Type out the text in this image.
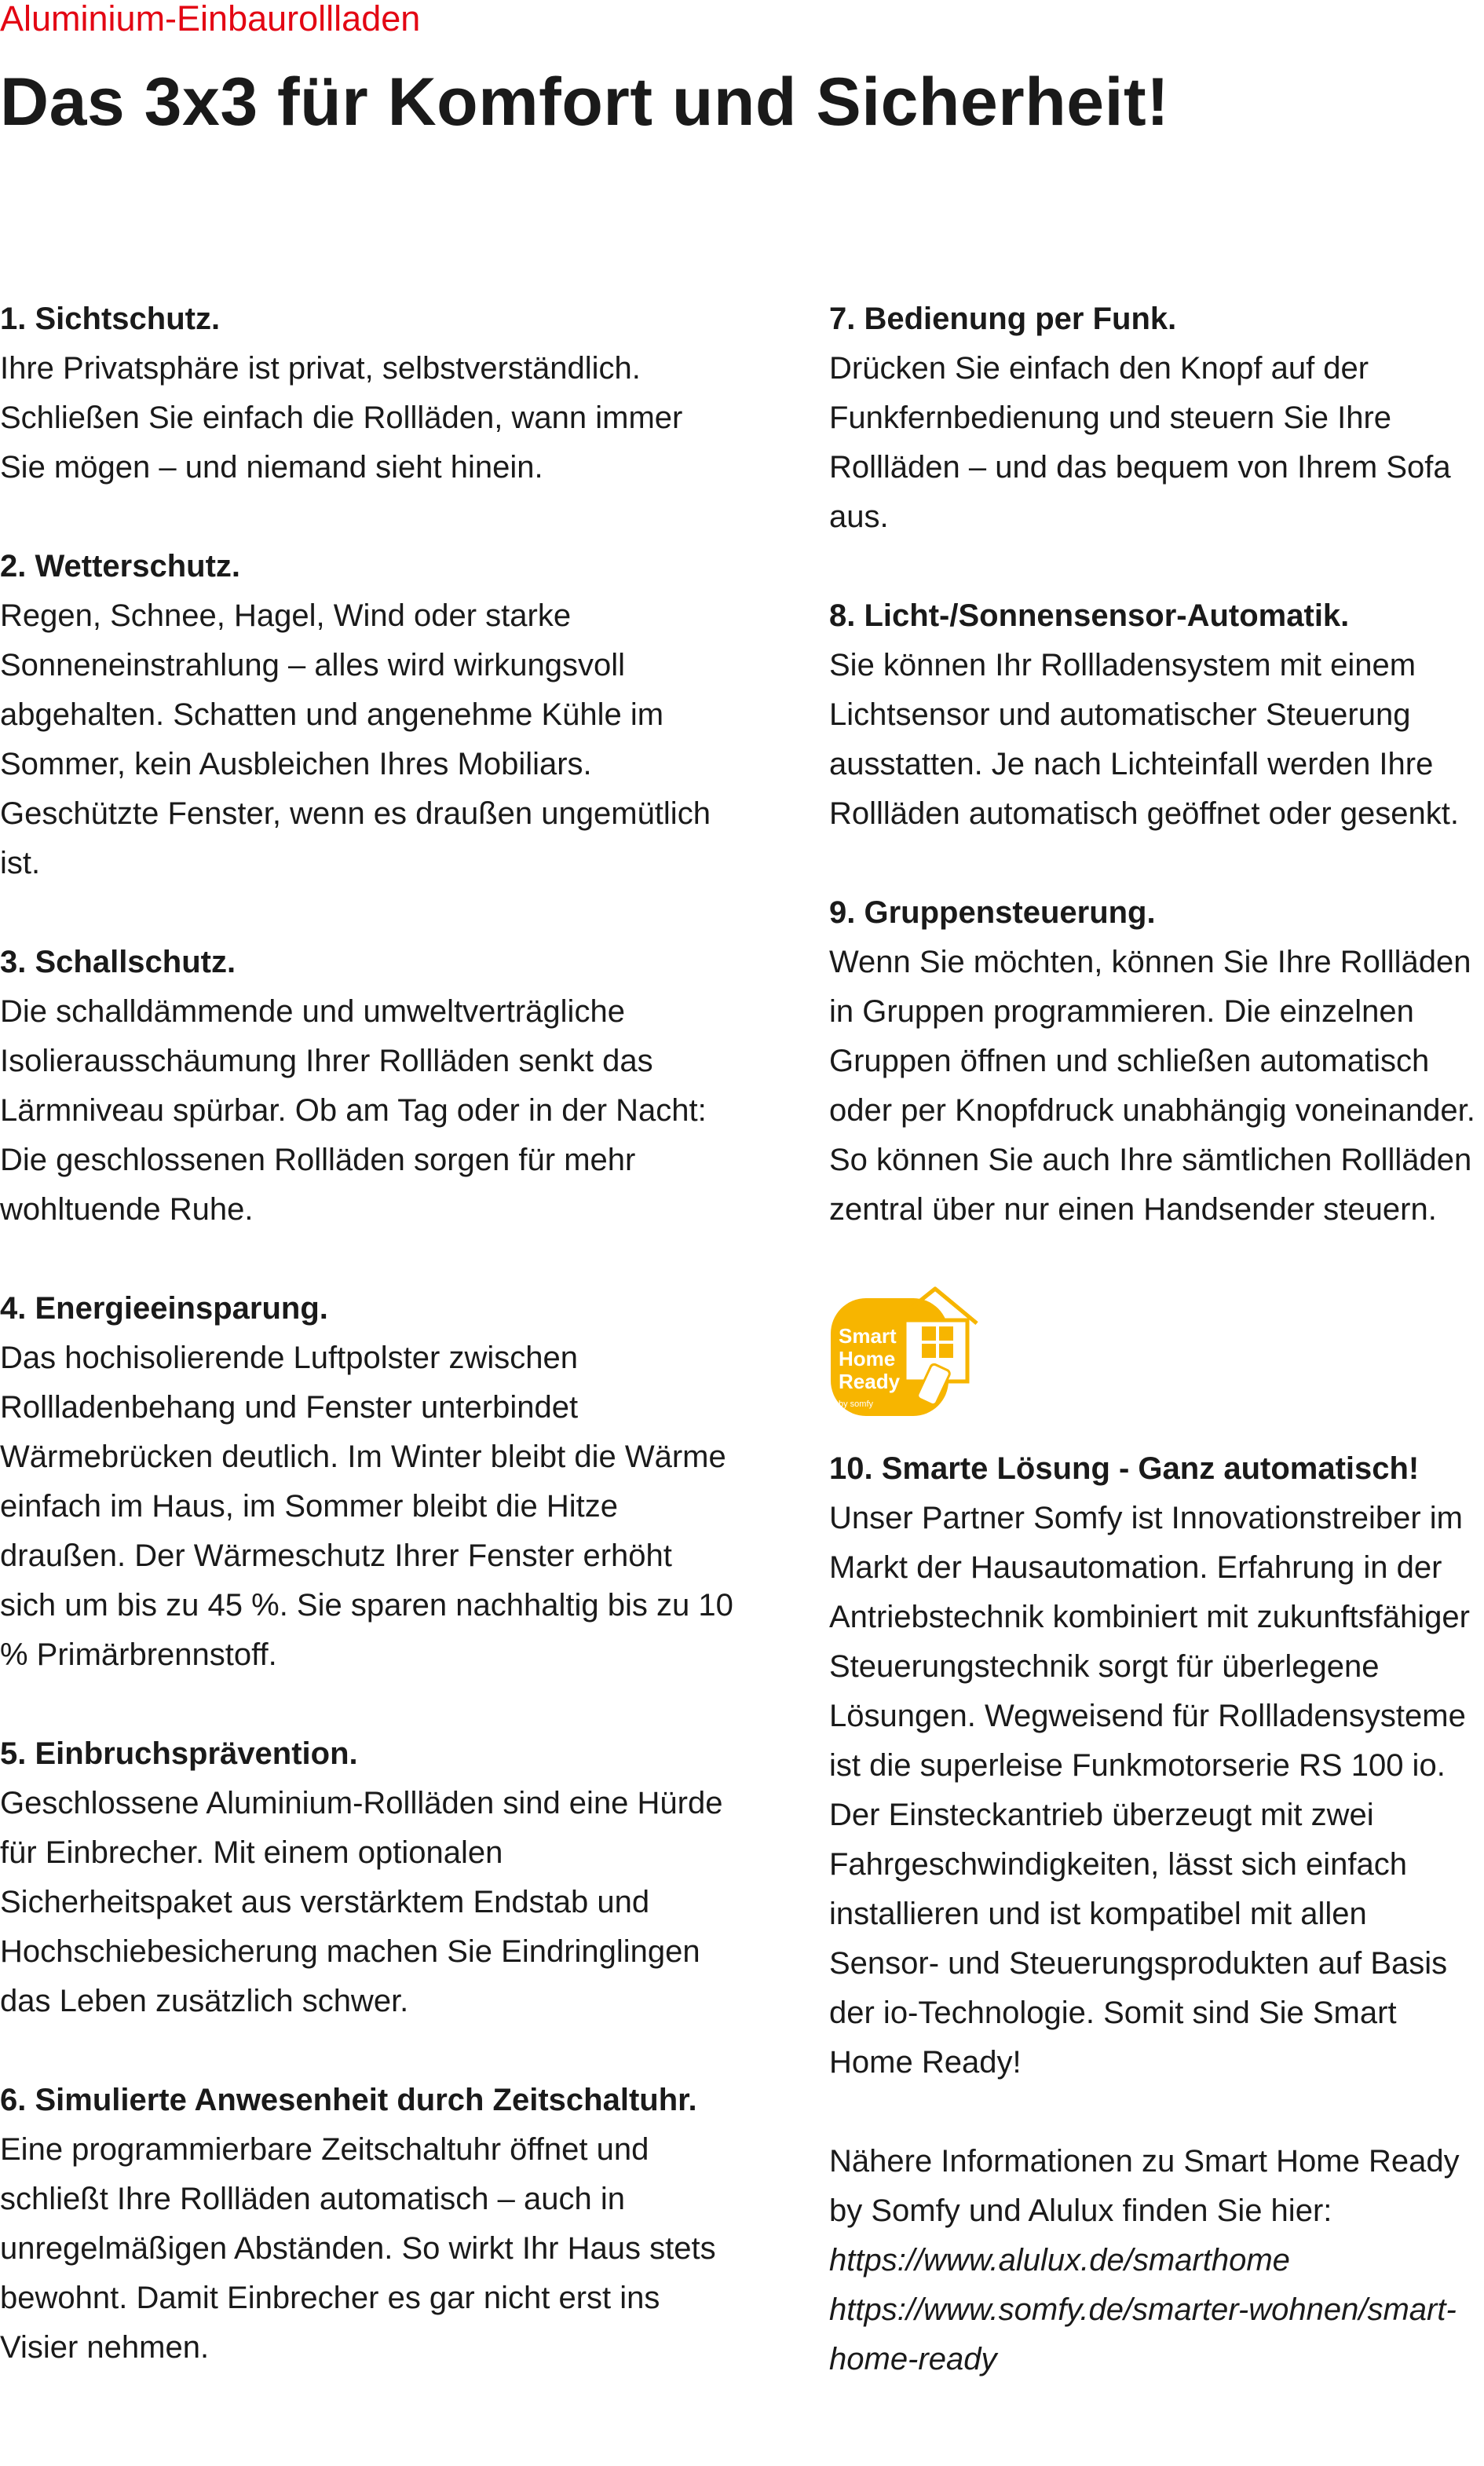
Aluminium-Einbaurollladen
Das 3x3 für Komfort und Sicherheit!
1. Sichtschutz.

Ihre Privatsphäre ist privat, selbstverständlich. Schließen Sie einfach die Rollläden, wann immer Sie mögen – und niemand sieht hinein.

2. Wetterschutz.

Regen, Schnee, Hagel, Wind oder starke Sonneneinstrahlung – alles wird wirkungsvoll abgehalten. Schatten und angenehme Kühle im Sommer, kein Ausbleichen Ihres Mobiliars. Geschützte Fenster, wenn es draußen ungemütlich ist.

3. Schallschutz.

Die schalldämmende und umweltverträgliche Isolierausschäumung Ihrer Rollläden senkt das Lärmniveau spürbar. Ob am Tag oder in der Nacht: Die geschlossenen Rollläden sorgen für mehr wohltuende Ruhe.

4. Energieeinsparung.

Das hochisolierende Luftpolster zwischen Rollladenbehang und Fenster unterbindet Wärmebrücken deutlich. Im Winter bleibt die Wärme einfach im Haus, im Sommer bleibt die Hitze draußen. Der Wärmeschutz Ihrer Fenster erhöht sich um bis zu 45 %. Sie sparen nachhaltig bis zu 10 % Primärbrennstoff.

5. Einbruchsprävention.

Geschlossene Aluminium-Rollläden sind eine Hürde für Einbrecher. Mit einem optionalen Sicherheitspaket aus verstärktem Endstab und Hochschiebesicherung machen Sie Eindringlingen das Leben zusätzlich schwer.

6. Simulierte Anwesenheit durch Zeitschaltuhr.

Eine programmierbare Zeitschaltuhr öffnet und schließt Ihre Rollläden automatisch – auch in unregelmäßigen Abständen. So wirkt Ihr Haus stets bewohnt. Damit Einbrecher es gar nicht erst ins Visier nehmen.

7. Bedienung per Funk.

Drücken Sie einfach den Knopf auf der Funkfernbedienung und steuern Sie Ihre Rollläden – und das bequem von Ihrem Sofa aus.

8. Licht-/Sonnensensor-Automatik.

Sie können Ihr Rollladensystem mit einem Lichtsensor und automatischer Steuerung ausstatten. Je nach Lichteinfall werden Ihre Rollläden automatisch geöffnet oder gesenkt.

9. Gruppensteuerung.

Wenn Sie möchten, können Sie Ihre Rollläden in Gruppen programmieren. Die einzelnen Gruppen öffnen und schließen automatisch oder per Knopfdruck unabhängig voneinander. So können Sie auch Ihre sämtlichen Rollläden zentral über nur einen Handsender steuern.

Smart
Home
Ready
by somfy
10. Smarte Lösung - Ganz automatisch!

Unser Partner Somfy ist Innovationstreiber im Markt der Hausautomation. Erfahrung in der Antriebstechnik kombiniert mit zukunftsfähiger Steuerungstechnik sorgt für überlegene Lösungen. Wegweisend für Rollladensysteme ist die superleise Funkmotorserie RS 100 io. Der Einsteckantrieb überzeugt mit zwei Fahrgeschwindigkeiten, lässt sich einfach installieren und ist kompatibel mit allen Sensor- und Steuerungsprodukten auf Basis der io-Technologie. Somit sind Sie Smart Home Ready!

Nähere Informationen zu Smart Home Ready by Somfy und Alulux finden Sie hier:

https://www.alulux.de/smarthome
https://www.somfy.de/smarter-wohnen/smart-home-ready
